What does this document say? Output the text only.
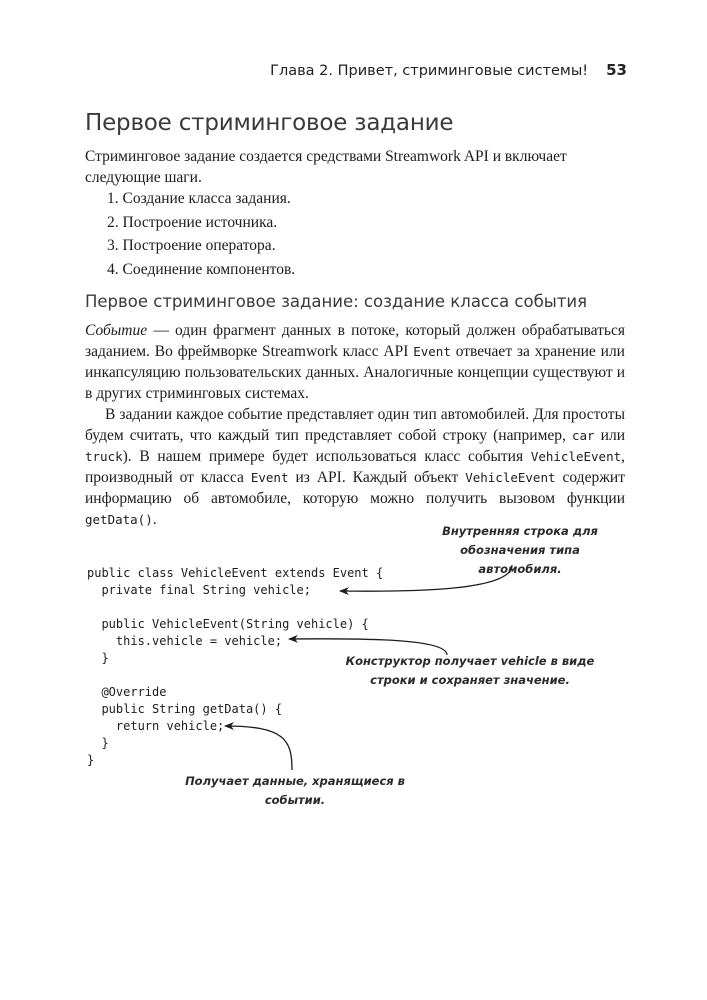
Глава 2. Привет, стриминговые системы! 53
Первое стриминговое задание

Стриминговое задание создается средствами Streamwork API и включает следующие шаги.

1. Создание класса задания.
2. Построение источника.
3. Построение оператора.
4. Соединение компонентов.
Первое стриминговое задание: создание класса события

Событие — один фрагмент данных в потоке, который должен обрабатываться заданием. Во фреймворке Streamwork класс API Event отвечает за хранение или инкапсуляцию пользовательских данных. Аналогичные концепции существуют и в других стриминговых системах.

В задании каждое событие представляет один тип автомобилей. Для простоты будем считать, что каждый тип представляет собой строку (например, car или truck). В нашем примере будет использоваться класс события VehicleEvent, производный от класса Event из API. Каждый объект VehicleEvent содержит информацию об автомобиле, которую можно получить вызовом функции getData().

public class VehicleEvent extends Event {
private final String vehicle;
public VehicleEvent(String vehicle) {
this.vehicle = vehicle;
}
@Override
public String getData() {
return vehicle;
}
}
Внутренняя строка для
обозначения типа автомобиля.
Конструктор получает vehicle в виде
строки и сохраняет значение.
Получает данные, хранящиеся в событии.
